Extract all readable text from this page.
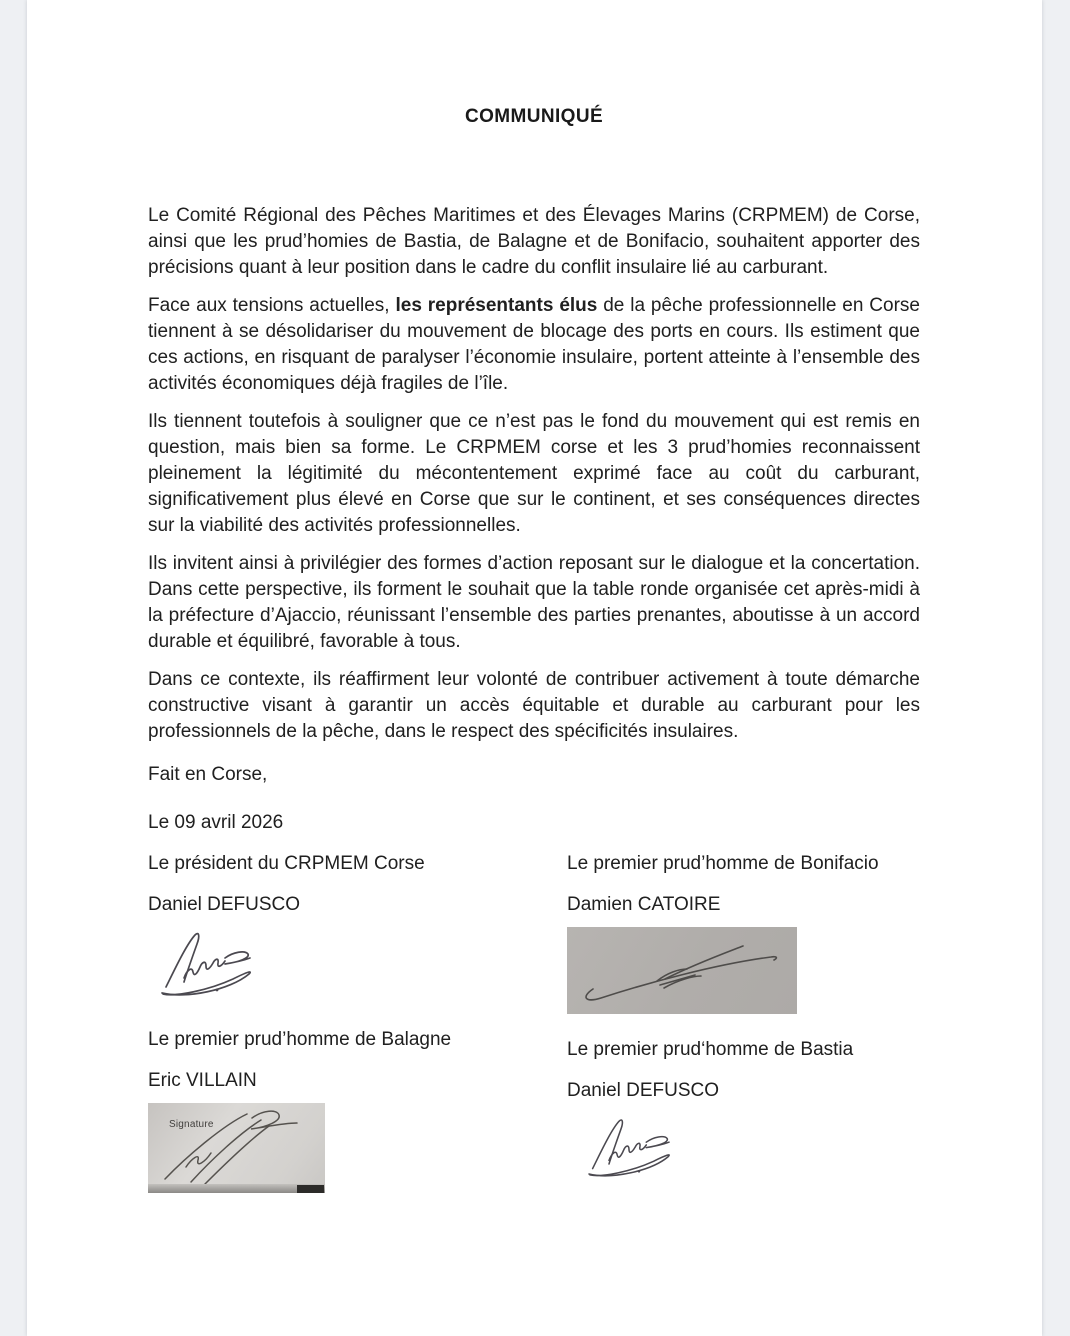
COMMUNIQUÉ

Le Comité Régional des Pêches Maritimes et des Élevages Marins (CRPMEM) de Corse, ainsi que les prud’homies de Bastia, de Balagne et de Bonifacio, souhaitent apporter des précisions quant à leur position dans le cadre du conflit insulaire lié au carburant.

Face aux tensions actuelles, les représentants élus de la pêche professionnelle en Corse tiennent à se désolidariser du mouvement de blocage des ports en cours. Ils estiment que ces actions, en risquant de paralyser l’économie insulaire, portent atteinte à l’ensemble des activités économiques déjà fragiles de l’île.

Ils tiennent toutefois à souligner que ce n’est pas le fond du mouvement qui est remis en question, mais bien sa forme. Le CRPMEM corse et les 3 prud’homies reconnaissent pleinement la légitimité du mécontentement exprimé face au coût du carburant, significativement plus élevé en Corse que sur le continent, et ses conséquences directes sur la viabilité des activités professionnelles.

Ils invitent ainsi à privilégier des formes d’action reposant sur le dialogue et la concertation. Dans cette perspective, ils forment le souhait que la table ronde organisée cet après-midi à la préfecture d’Ajaccio, réunissant l’ensemble des parties prenantes, aboutisse à un accord durable et équilibré, favorable à tous.

Dans ce contexte, ils réaffirment leur volonté de contribuer activement à toute démarche constructive visant à garantir un accès équitable et durable au carburant pour les professionnels de la pêche, dans le respect des spécificités insulaires.

Fait en Corse,

Le 09 avril 2026

Le président du CRPMEM Corse
Daniel DEFUSCO
Le premier prud’homme de Balagne
Eric VILLAIN
Signature
Le premier prud’homme de Bonifacio
Damien CATOIRE
Le premier prud‘homme de Bastia
Daniel DEFUSCO
